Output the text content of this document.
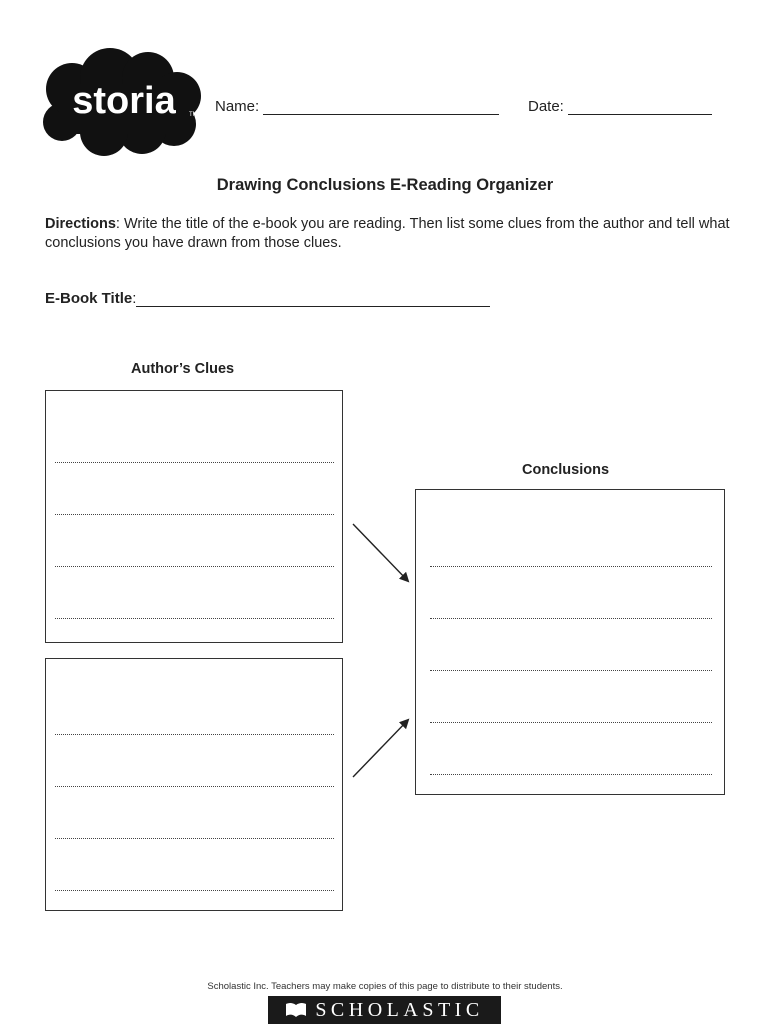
storia TM Name:	Date:
Drawing Conclusions E-Reading Organizer
Directions: Write the title of the e-book you are reading. Then list some clues from the author and tell what conclusions you have drawn from those clues.
E-Book Title:
Author’s Clues
Conclusions
Scholastic Inc. Teachers may make copies of this page to distribute to their students.
SCHOLASTIC
